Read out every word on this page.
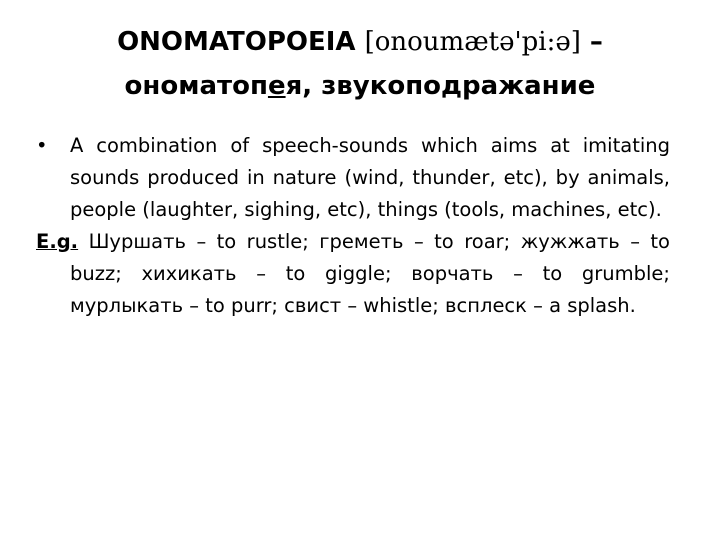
ONOMATOPOEIA [onoumætə'pi:ə] –
ономатопея, звукоподражание

• A combination of speech-sounds which aims at imitating sounds produced in nature (wind, thunder, etc), by animals, people (laughter, sighing, etc), things (tools, machines, etc).

E.g. Шуршать – to rustle; греметь – to roar; жужжать – to buzz; хихикать – to giggle; ворчать – to grumble; мурлыкать – to purr; свист – whistle; всплеск – a splash.
